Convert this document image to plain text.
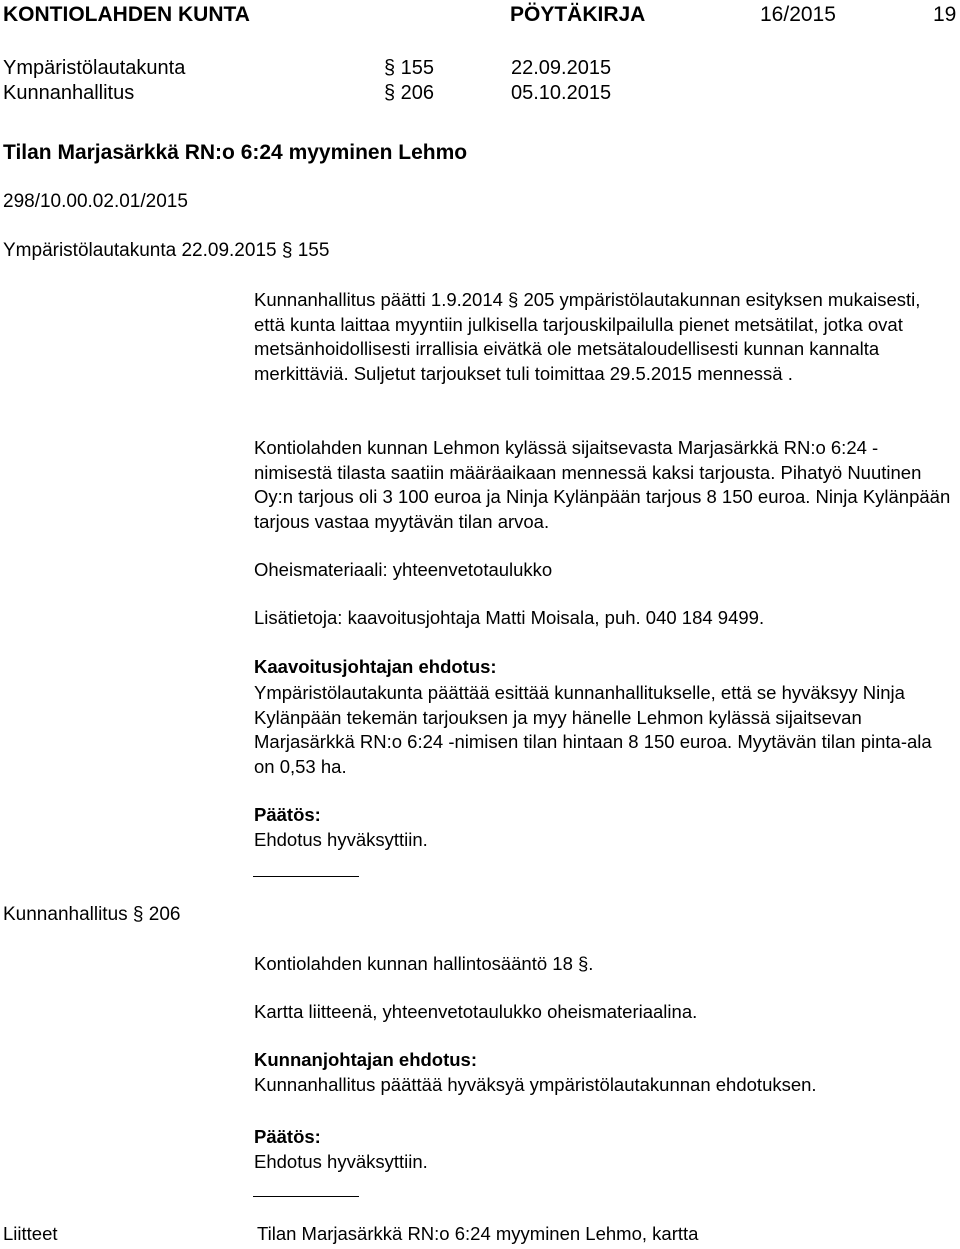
KONTIOLAHDEN KUNTA	PÖYTÄKIRJA	16/2015	19
Ympäristölautakunta	§ 155	22.09.2015
Kunnanhallitus	§ 206	05.10.2015
Tilan Marjasärkkä RN:o 6:24 myyminen Lehmo
298/10.00.02.01/2015
Ympäristölautakunta 22.09.2015 § 155

Kunnanhallitus päätti 1.9.2014 § 205 ympäristölautakunnan esityksen mukaisesti, että kunta laittaa myyntiin julkisella tarjouskilpailulla pienet metsätilat, jotka ovat metsänhoidollisesti irrallisia eivätkä ole metsätaloudellisesti kunnan kannalta merkittäviä. Suljetut tarjoukset tuli toimittaa 29.5.2015 mennessä .

Kontiolahden kunnan Lehmon kylässä sijaitsevasta Marjasärkkä RN:o 6:24 -nimisestä tilasta saatiin määräaikaan mennessä kaksi tarjousta. Pihatyö Nuutinen Oy:n tarjous oli 3 100 euroa ja Ninja Kylänpään tarjous 8 150 euroa. Ninja Kylänpään tarjous vastaa myytävän tilan arvoa.

Oheismateriaali: yhteenvetotaulukko
Lisätietoja: kaavoitusjohtaja Matti Moisala, puh. 040 184 9499.
Kaavoitusjohtajan ehdotus:

Ympäristölautakunta päättää esittää kunnanhallitukselle, että se hyväksyy Ninja Kylänpään tekemän tarjouksen ja myy hänelle Lehmon kylässä sijaitsevan Marjasärkkä RN:o 6:24 -nimisen tilan hintaan 8 150 euroa. Myytävän tilan pinta-ala on 0,53 ha.

Päätös:
Ehdotus hyväksyttiin.
Kunnanhallitus § 206
Kontiolahden kunnan hallintosääntö 18 §.
Kartta liitteenä, yhteenvetotaulukko oheismateriaalina.
Kunnanjohtajan ehdotus:
Kunnanhallitus päättää hyväksyä ympäristölautakunnan ehdotuksen.
Päätös:
Ehdotus hyväksyttiin.
Liitteet	Tilan Marjasärkkä RN:o 6:24 myyminen Lehmo, kartta
